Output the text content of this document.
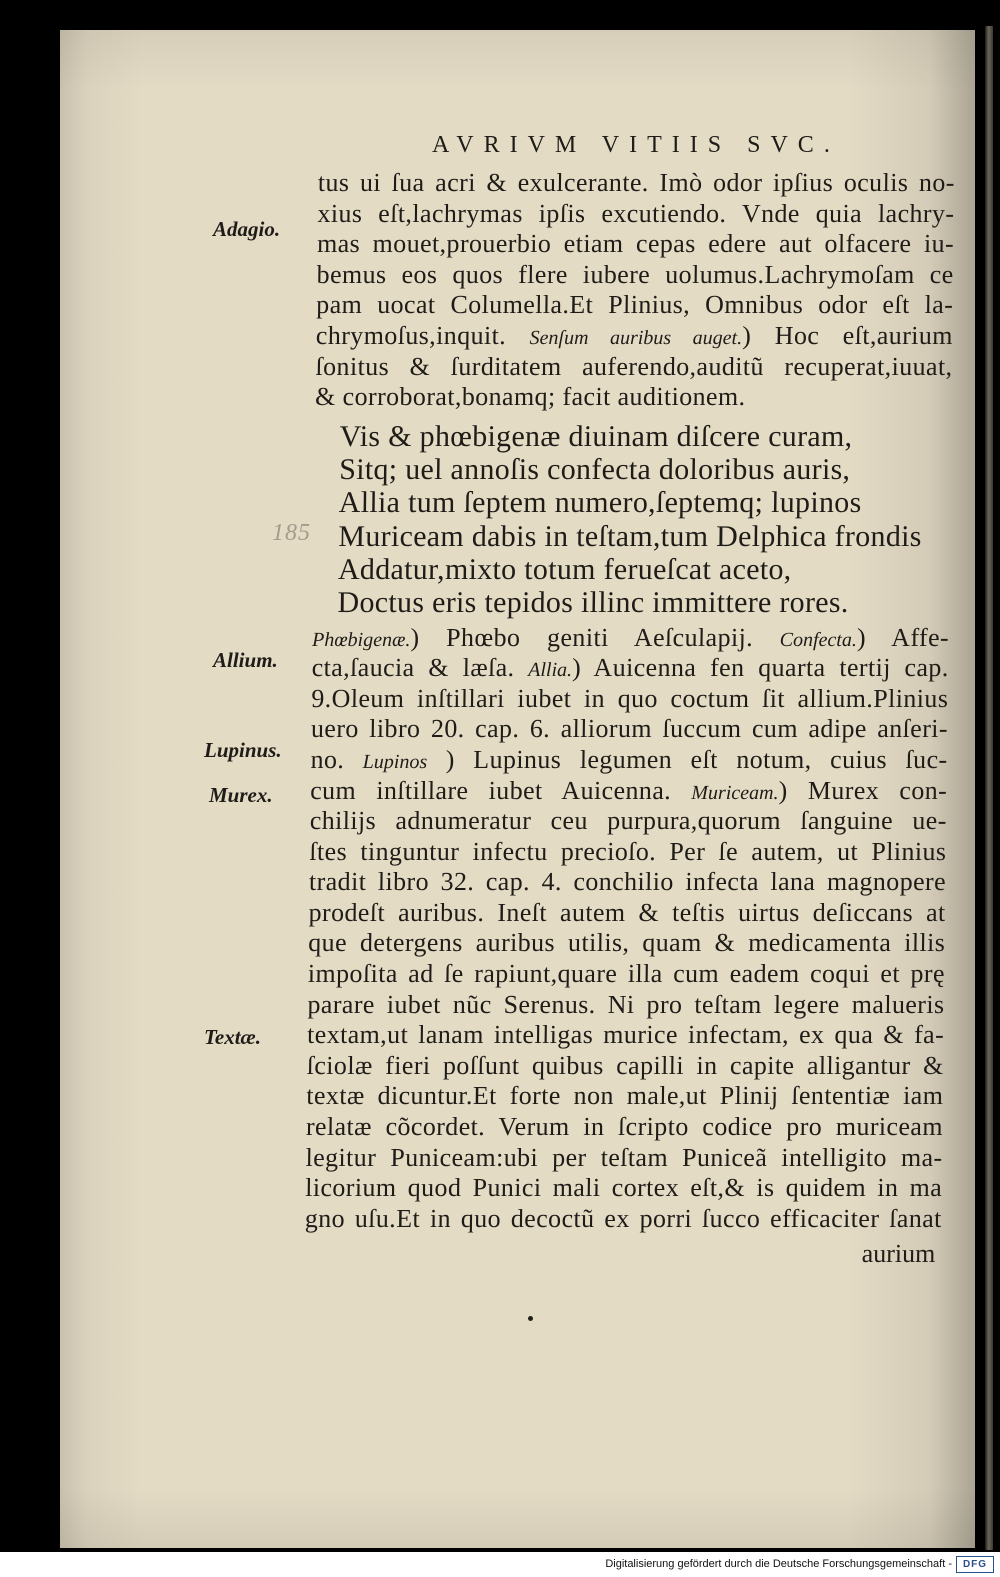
AVRIVM VITIIS SVC.
Adagio.
Allium.
Lupinus.
Murex.
Textæ.
185
tus ui ſua acri & exulcerante. Imò odor ipſius oculis no-
xius eſt,lachrymas ipſis excutiendo. Vnde quia lachry-
mas mouet,prouerbio etiam cepas edere aut olfacere iu-
bemus eos quos flere iubere uolumus.Lachrymoſam ce
pam uocat Columella.Et Plinius, Omnibus odor eſt la-
chrymoſus,inquit. Senſum auribus auget.) Hoc eſt,aurium
ſonitus & ſurditatem auferendo,auditũ recuperat,iuuat,
& corroborat,bonamq; facit auditionem.
Vis & phœbigenæ diuinam diſcere curam,
Sitq; uel annoſis confecta doloribus auris,
Allia tum ſeptem numero,ſeptemq; lupinos
Muriceam dabis in teſtam,tum Delphica frondis
Addatur,mixto totum ferueſcat aceto,
Doctus eris tepidos illinc immittere rores.
Phœbigenæ.) Phœbo geniti Aeſculapij. Confecta.) Affe-
cta,ſaucia & læſa. Allia.) Auicenna fen quarta tertij cap.
9.Oleum inſtillari iubet in quo coctum ſit allium.Plinius
uero libro 20. cap. 6. alliorum ſuccum cum adipe anſeri-
no. Lupinos ) Lupinus legumen eſt notum, cuius ſuc-
cum inſtillare iubet Auicenna. Muriceam.) Murex con-
chilijs adnumeratur ceu purpura,quorum ſanguine ue-
ſtes tinguntur infectu precioſo. Per ſe autem, ut Plinius
tradit libro 32. cap. 4. conchilio infecta lana magnopere
prodeſt auribus. Ineſt autem & teſtis uirtus deſiccans at
que detergens auribus utilis, quam & medicamenta illis
impoſita ad ſe rapiunt,quare illa cum eadem coqui et prę
parare iubet nũc Serenus. Ni pro teſtam legere malueris
textam,ut lanam intelligas murice infectam, ex qua & fa-
ſciolæ fieri poſſunt quibus capilli in capite alligantur &
textæ dicuntur.Et forte non male,ut Plinij ſententiæ iam
relatæ cõcordet. Verum in ſcripto codice pro muriceam
legitur Puniceam:ubi per teſtam Puniceã intelligito ma-
licorium quod Punici mali cortex eſt,& is quidem in ma
gno uſu.Et in quo decoctũ ex porri ſucco efficaciter ſanat
aurium
Digitalisierung gefördert durch die Deutsche Forschungsgemeinschaft -	DFG
